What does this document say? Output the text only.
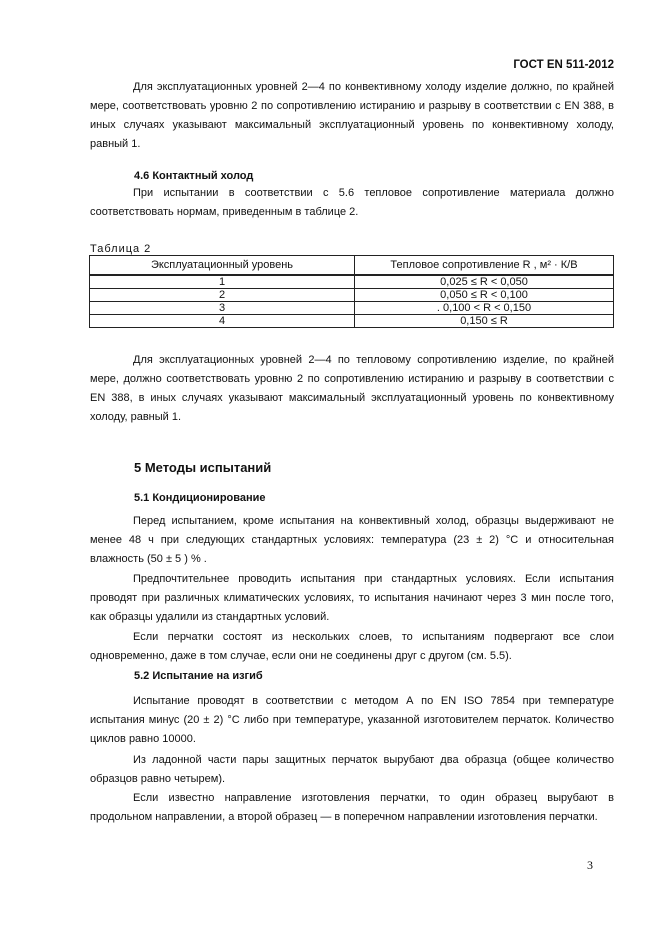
ГОСТ EN 511-2012

Для эксплуатационных уровней 2—4 по конвективному холоду изделие должно, по крайней мере, соответствовать уровню 2 по сопротивлению истиранию и разрыву в соответствии с EN 388, в иных случаях указывают максимальный эксплуатационный уровень по конвективному холоду, равный 1.

4.6 Контактный холод

При испытании в соответствии с 5.6 тепловое сопротивление материала должно соответствовать нормам, приведенным в таблице 2.

Таблица 2
Эксплуатационный уровень	Тепловое сопротивление R , м² · К/В
1	0,025 ≤ R < 0,050
2	0,050 ≤ R < 0,100
3	. 0,100 < R < 0,150
4	0,150 ≤ R

Для эксплуатационных уровней 2—4 по тепловому сопротивлению изделие, по крайней мере, должно соответствовать уровню 2 по сопротивлению истиранию и разрыву в соответствии с EN 388, в иных случаях указывают максимальный эксплуатационный уровень по конвективному холоду, равный 1.

5 Методы испытаний
5.1 Кондиционирование

Перед испытанием, кроме испытания на конвективный холод, образцы выдерживают не менее 48 ч при следующих стандартных условиях: температура (23 ± 2) °С и относительная влажность (50 ± 5 ) % .

Предпочтительнее проводить испытания при стандартных условиях. Если испытания проводят при различных климатических условиях, то испытания начинают через 3 мин после того, как образцы удалили из стандартных условий.

Если перчатки состоят из нескольких слоев, то испытаниям подвергают все слои одновременно, даже в том случае, если они не соединены друг с другом (см. 5.5).

5.2 Испытание на изгиб

Испытание проводят в соответствии с методом А по EN ISO 7854 при температуре испытания минус (20 ± 2) °С либо при температуре, указанной изготовителем перчаток. Количество циклов равно 10000.

Из ладонной части пары защитных перчаток вырубают два образца (общее количество образцов равно четырем).

Если известно направление изготовления перчатки, то один образец вырубают в продольном направлении, а второй образец — в поперечном направлении изготовления перчатки.

3
